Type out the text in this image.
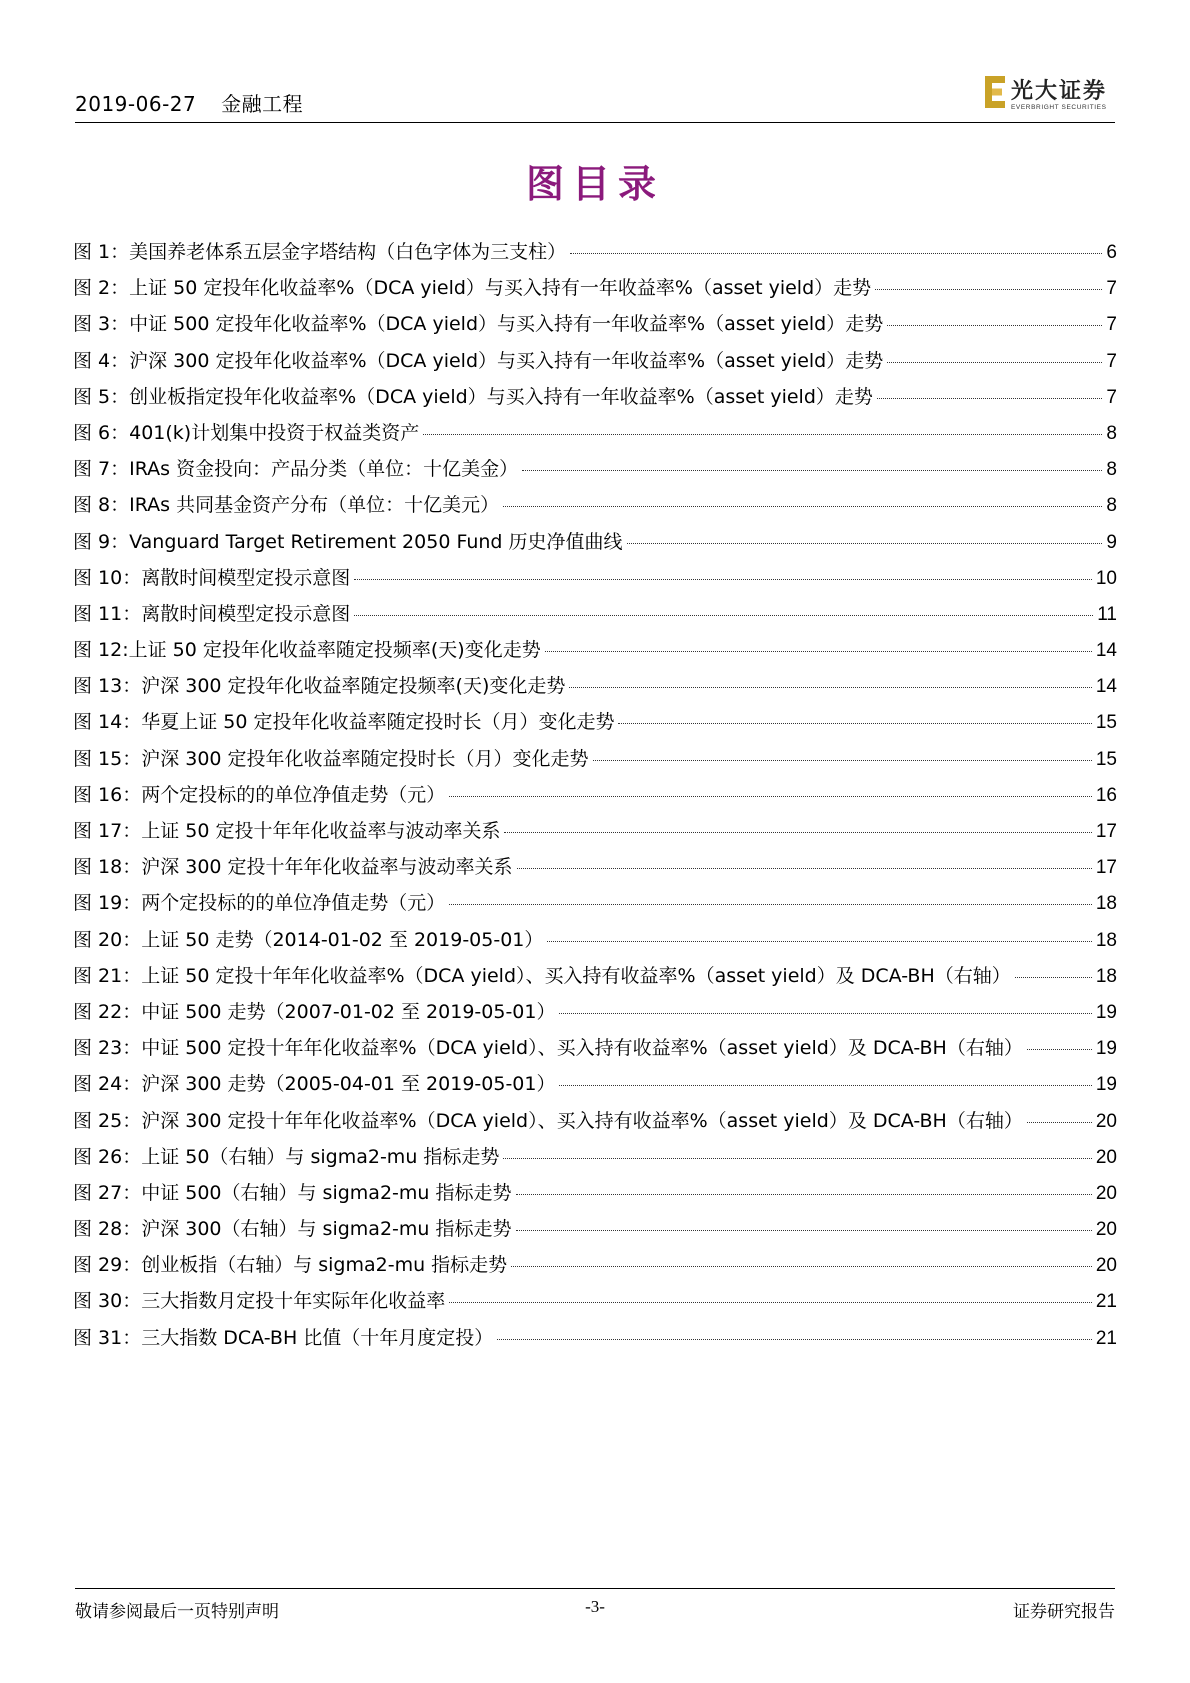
2019-06-27 金融工程	光大证券
EVERBRIGHT SECURITIES
图目录
图 1：美国养老体系五层金字塔结构（白色字体为三支柱）	6
图 2：上证 50 定投年化收益率%（DCA yield）与买入持有一年收益率%（asset yield）走势	7
图 3：中证 500 定投年化收益率%（DCA yield）与买入持有一年收益率%（asset yield）走势	7
图 4：沪深 300 定投年化收益率%（DCA yield）与买入持有一年收益率%（asset yield）走势	7
图 5：创业板指定投年化收益率%（DCA yield）与买入持有一年收益率%（asset yield）走势	7
图 6：401(k)计划集中投资于权益类资产	8
图 7：IRAs 资金投向：产品分类（单位：十亿美金）	8
图 8：IRAs 共同基金资产分布（单位：十亿美元）	8
图 9：Vanguard Target Retirement 2050 Fund 历史净值曲线	9
图 10：离散时间模型定投示意图	10
图 11：离散时间模型定投示意图	11
图 12:上证 50 定投年化收益率随定投频率(天)变化走势	14
图 13：沪深 300 定投年化收益率随定投频率(天)变化走势	14
图 14：华夏上证 50 定投年化收益率随定投时长（月）变化走势	15
图 15：沪深 300 定投年化收益率随定投时长（月）变化走势	15
图 16：两个定投标的的单位净值走势（元）	16
图 17：上证 50 定投十年年化收益率与波动率关系	17
图 18：沪深 300 定投十年年化收益率与波动率关系	17
图 19：两个定投标的的单位净值走势（元）	18
图 20：上证 50 走势（2014-01-02 至 2019-05-01）	18
图 21：上证 50 定投十年年化收益率%（DCA yield）、买入持有收益率%（asset yield）及 DCA-BH（右轴）	18
图 22：中证 500 走势（2007-01-02 至 2019-05-01）	19
图 23：中证 500 定投十年年化收益率%（DCA yield）、买入持有收益率%（asset yield）及 DCA-BH（右轴）	19
图 24：沪深 300 走势（2005-04-01 至 2019-05-01）	19
图 25：沪深 300 定投十年年化收益率%（DCA yield）、买入持有收益率%（asset yield）及 DCA-BH（右轴）	20
图 26：上证 50（右轴）与 sigma2-mu 指标走势	20
图 27：中证 500（右轴）与 sigma2-mu 指标走势	20
图 28：沪深 300（右轴）与 sigma2-mu 指标走势	20
图 29：创业板指（右轴）与 sigma2-mu 指标走势	20
图 30：三大指数月定投十年实际年化收益率	21
图 31：三大指数 DCA-BH 比值（十年月度定投）	21
敬请参阅最后一页特别声明	-3-	证券研究报告
